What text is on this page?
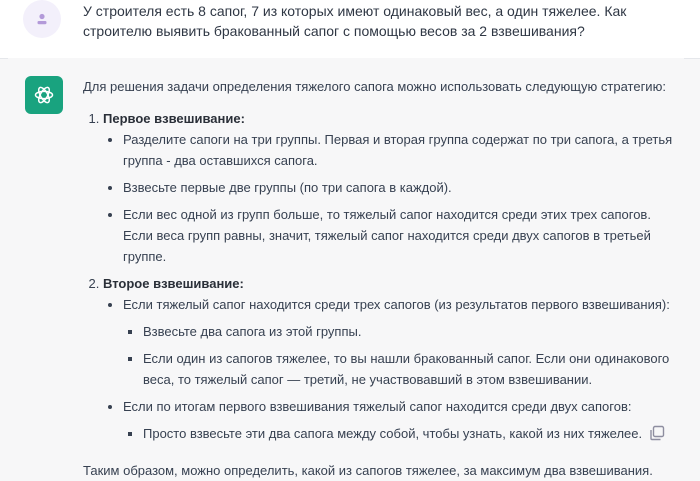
У строителя есть 8 сапог, 7 из которых имеют одинаковый вес, а один тяжелее. Как строителю выявить бракованный сапог с помощью весов за 2 взвешивания?

Для решения задачи определения тяжелого сапога можно использовать следующую стратегию:

1. Первое взвешивание:
• Разделите сапоги на три группы. Первая и вторая группа содержат по три сапога, а третья группа - два оставшихся сапога.
• Взвесьте первые две группы (по три сапога в каждой).
• Если вес одной из групп больше, то тяжелый сапог находится среди этих трех сапогов. Если веса групп равны, значит, тяжелый сапог находится среди двух сапогов в третьей группе.
2. Второе взвешивание:
• Если тяжелый сапог находится среди трех сапогов (из результатов первого взвешивания):
▪ Взвесьте два сапога из этой группы.
▪ Если один из сапогов тяжелее, то вы нашли бракованный сапог. Если они одинакового веса, то тяжелый сапог — третий, не участвовавший в этом взвешивании.
• Если по итогам первого взвешивания тяжелый сапог находится среди двух сапогов:
▪ Просто взвесьте эти два сапога между собой, чтобы узнать, какой из них тяжелее.

Таким образом, можно определить, какой из сапогов тяжелее, за максимум два взвешивания.
